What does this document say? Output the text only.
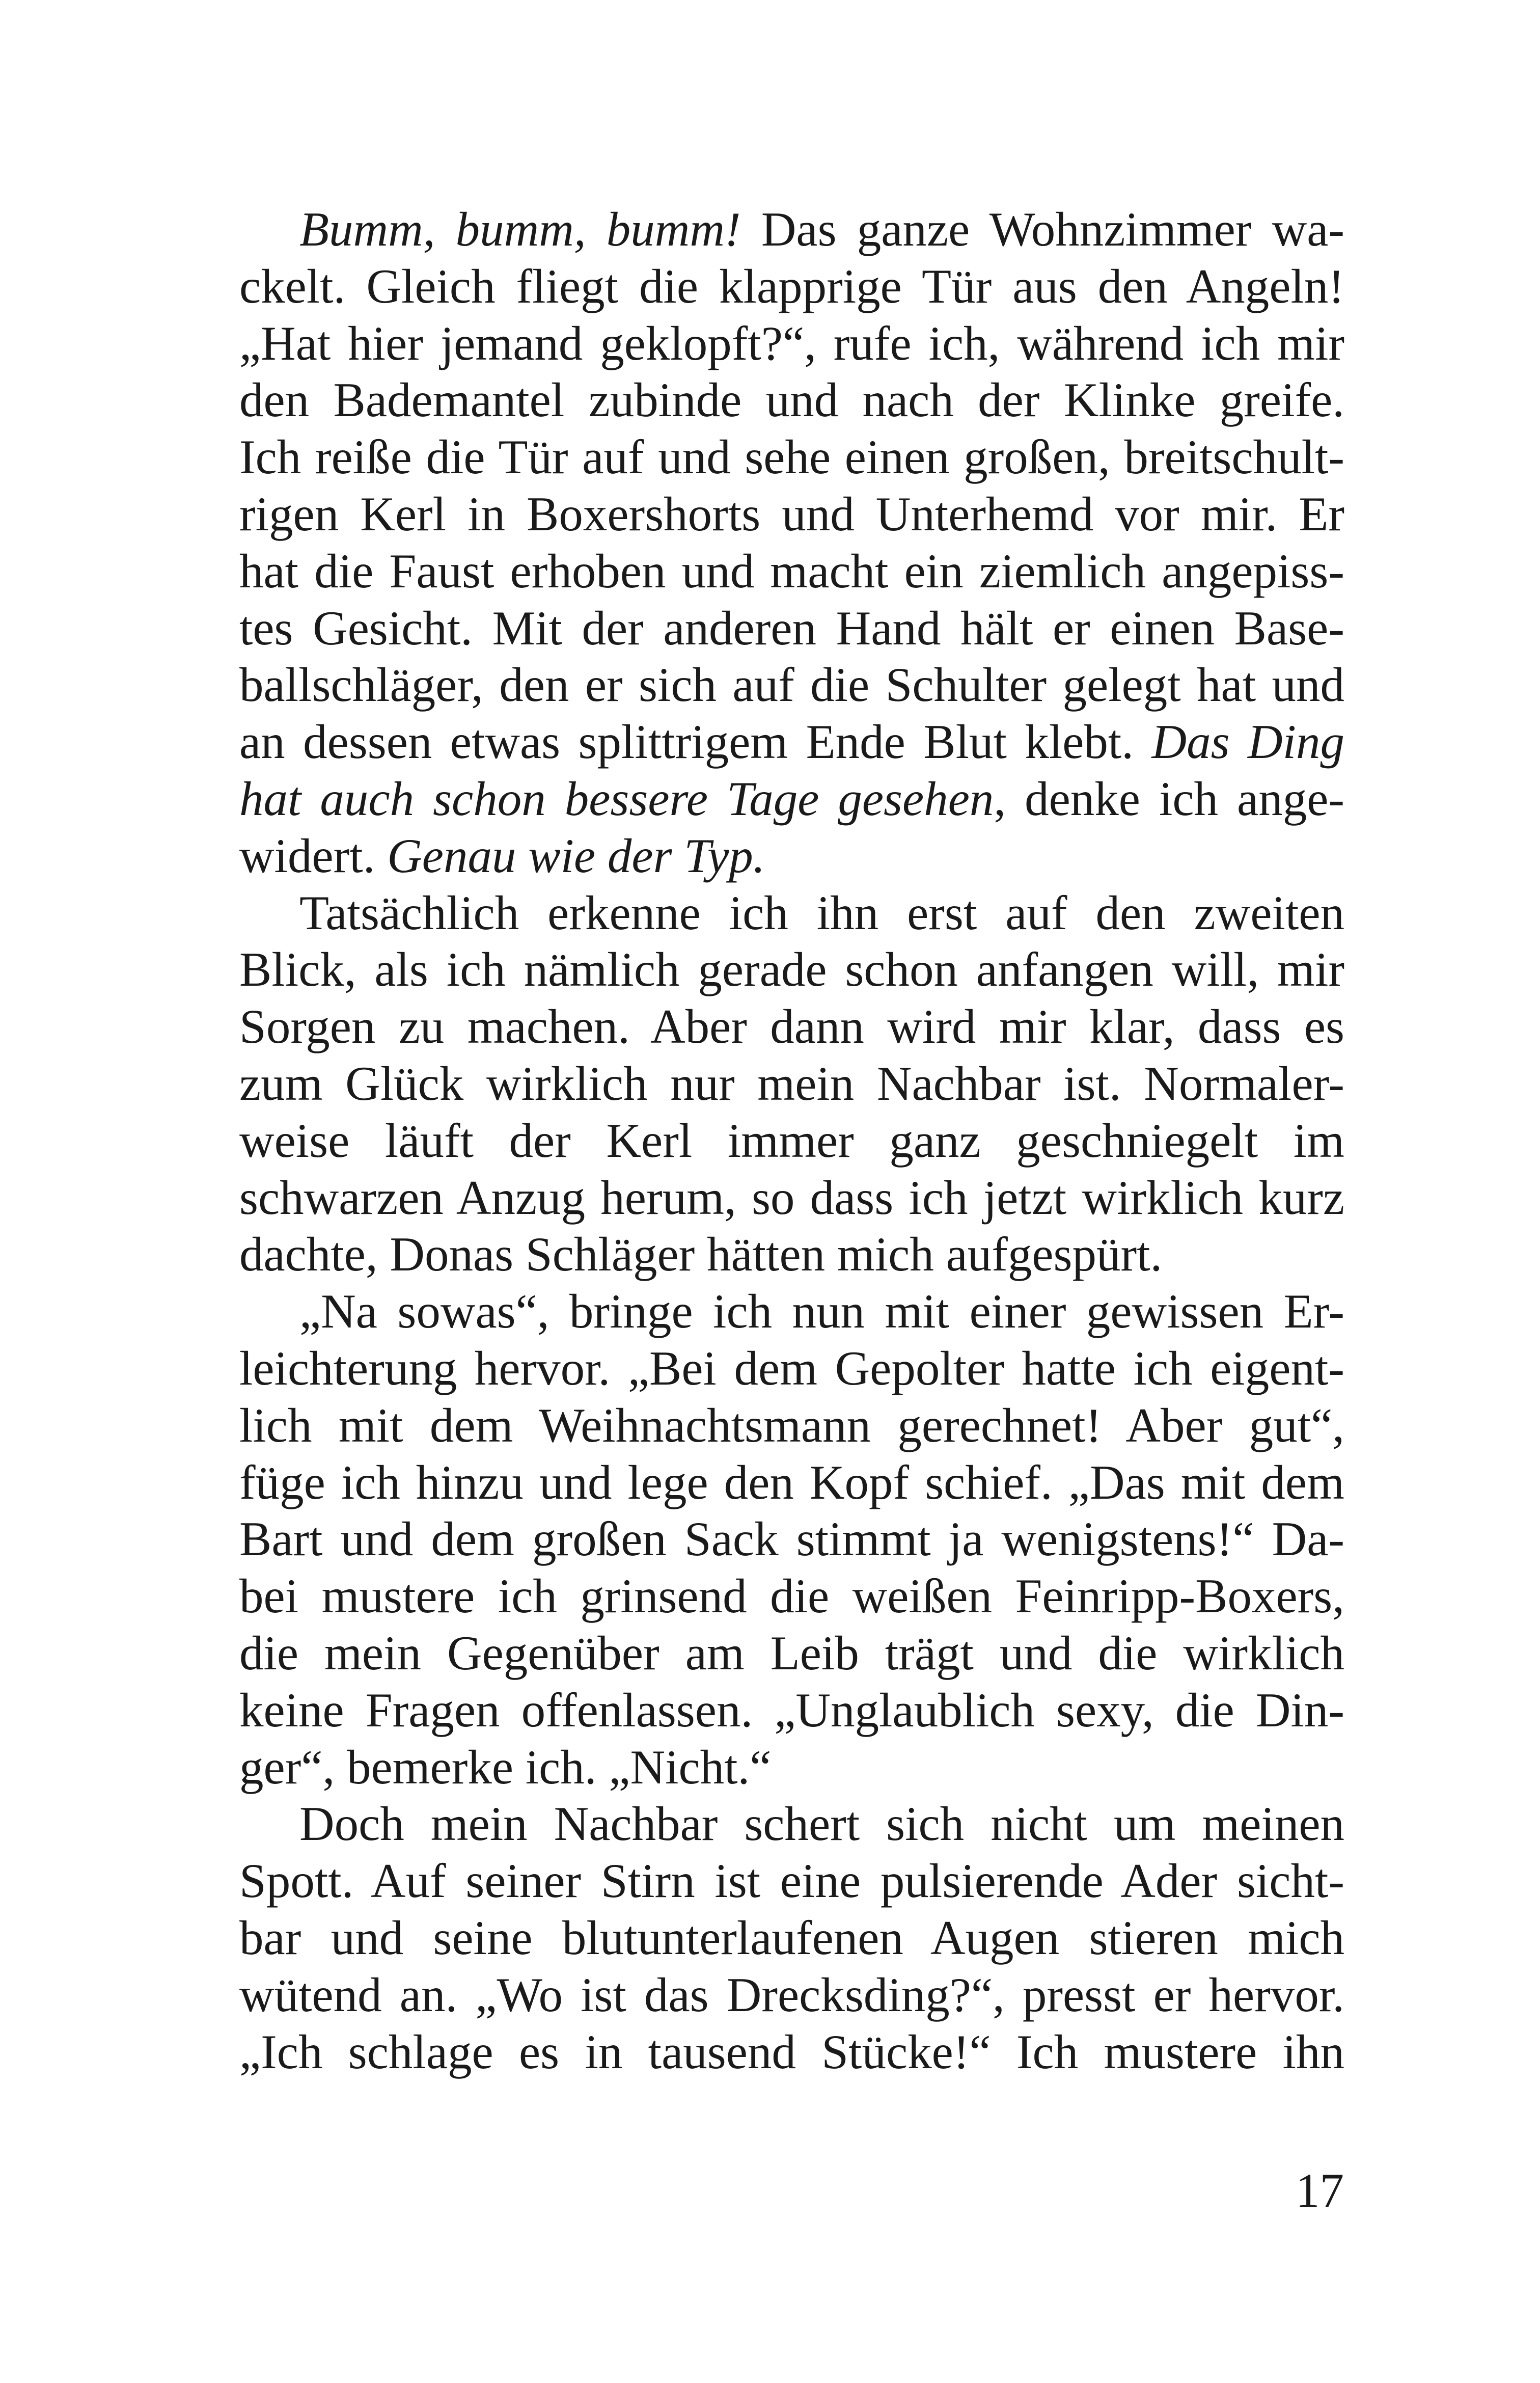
Bumm, bumm, bumm! Das ganze Wohnzimmer wa-
ckelt. Gleich fliegt die klapprige Tür aus den Angeln!
„Hat hier jemand geklopft?“, rufe ich, während ich mir
den Bademantel zubinde und nach der Klinke greife.
Ich reiße die Tür auf und sehe einen großen, breitschult-
rigen Kerl in Boxershorts und Unterhemd vor mir. Er
hat die Faust erhoben und macht ein ziemlich angepiss-
tes Gesicht. Mit der anderen Hand hält er einen Base-
ballschläger, den er sich auf die Schulter gelegt hat und
an dessen etwas splittrigem Ende Blut klebt. Das Ding
hat auch schon bessere Tage gesehen, denke ich ange-
widert. Genau wie der Typ.
Tatsächlich erkenne ich ihn erst auf den zweiten
Blick, als ich nämlich gerade schon anfangen will, mir
Sorgen zu machen. Aber dann wird mir klar, dass es
zum Glück wirklich nur mein Nachbar ist. Normaler-
weise läuft der Kerl immer ganz geschniegelt im
schwarzen Anzug herum, so dass ich jetzt wirklich kurz
dachte, Donas Schläger hätten mich aufgespürt.
„Na sowas“, bringe ich nun mit einer gewissen Er-
leichterung hervor. „Bei dem Gepolter hatte ich eigent-
lich mit dem Weihnachtsmann gerechnet! Aber gut“,
füge ich hinzu und lege den Kopf schief. „Das mit dem
Bart und dem großen Sack stimmt ja wenigstens!“ Da-
bei mustere ich grinsend die weißen Feinripp-Boxers,
die mein Gegenüber am Leib trägt und die wirklich
keine Fragen offenlassen. „Unglaublich sexy, die Din-
ger“, bemerke ich. „Nicht.“
Doch mein Nachbar schert sich nicht um meinen
Spott. Auf seiner Stirn ist eine pulsierende Ader sicht-
bar und seine blutunterlaufenen Augen stieren mich
wütend an. „Wo ist das Drecksding?“, presst er hervor.
„Ich schlage es in tausend Stücke!“ Ich mustere ihn
17
